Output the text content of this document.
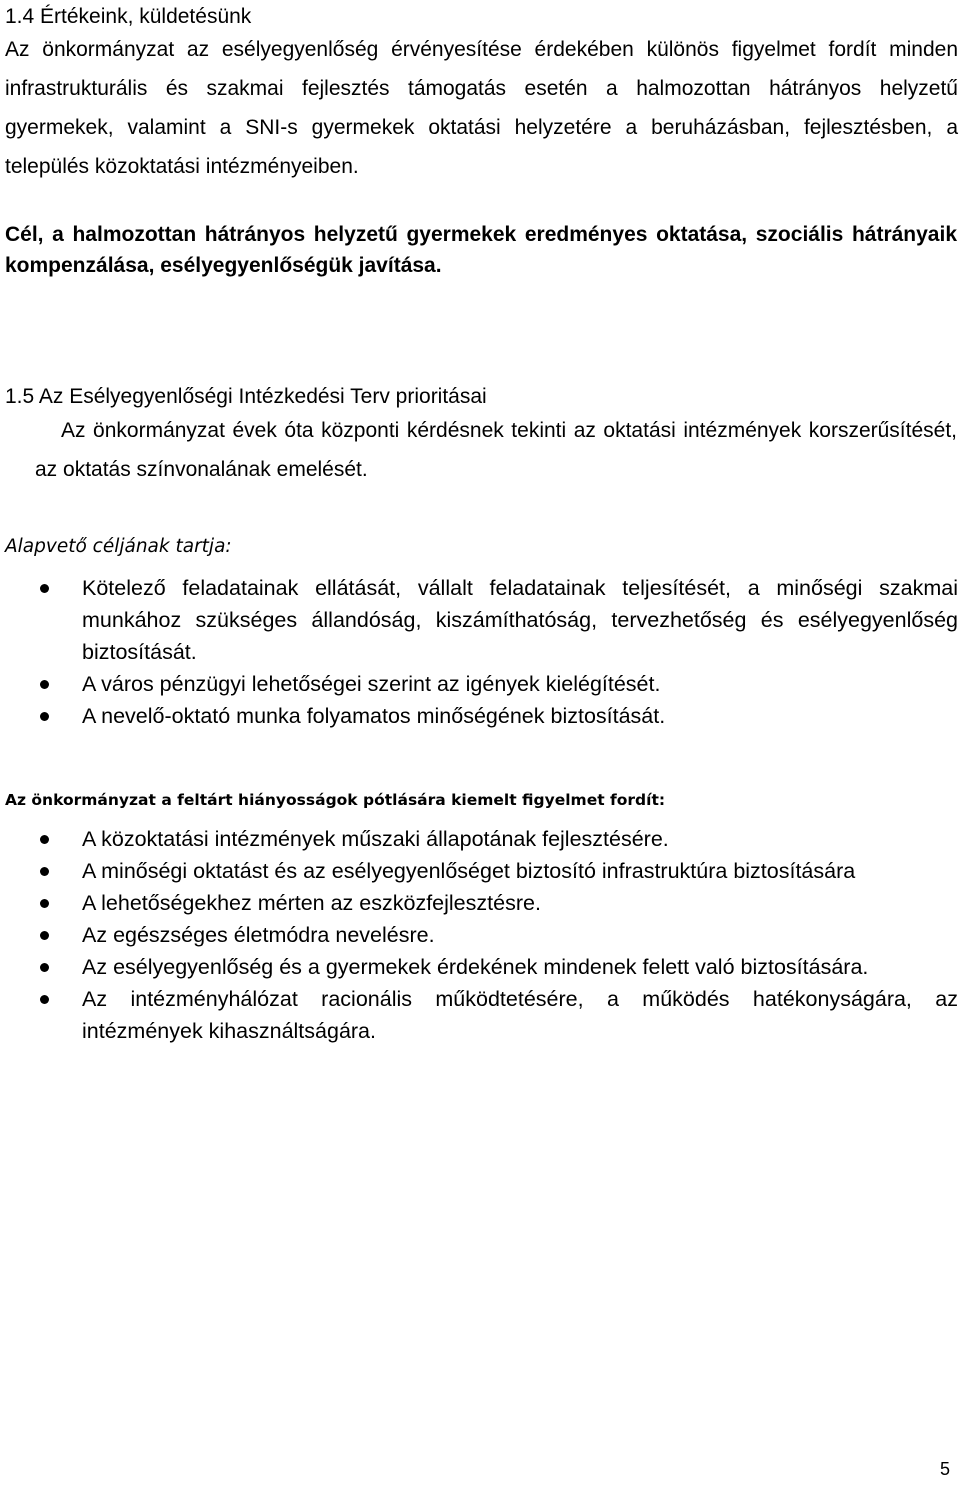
1.4 Értékeink, küldetésünk
Az önkormányzat az esélyegyenlőség érvényesítése érdekében különös figyelmet fordít minden infrastrukturális és szakmai fejlesztés támogatás esetén a halmozottan hátrányos helyzetű gyermekek, valamint a SNI-s gyermekek oktatási helyzetére a beruházásban, fejlesztésben, a település közoktatási intézményeiben.
Cél, a halmozottan hátrányos helyzetű gyermekek eredményes oktatása, szociális hátrányaik kompenzálása, esélyegyenlőségük javítása.
1.5 Az Esélyegyenlőségi Intézkedési Terv prioritásai
Az önkormányzat évek óta központi kérdésnek tekinti az oktatási intézmények korszerűsítését, az oktatás színvonalának emelését.
Alapvető céljának tartja:
Kötelező feladatainak ellátását, vállalt feladatainak teljesítését, a minőségi szakmai munkához szükséges állandóság, kiszámíthatóság, tervezhetőség és esélyegyenlőség biztosítását.
A város pénzügyi lehetőségei szerint az igények kielégítését.
A nevelő-oktató munka folyamatos minőségének biztosítását.
Az önkormányzat a feltárt hiányosságok pótlására kiemelt figyelmet fordít:
A közoktatási intézmények műszaki állapotának fejlesztésére.
A minőségi oktatást és az esélyegyenlőséget biztosító infrastruktúra biztosítására
A lehetőségekhez mérten az eszközfejlesztésre.
Az egészséges életmódra nevelésre.
Az esélyegyenlőség és a gyermekek érdekének mindenek felett való biztosítására.
Az intézményhálózat racionális működtetésére, a működés hatékonyságára, az intézmények kihasználtságára.
5
